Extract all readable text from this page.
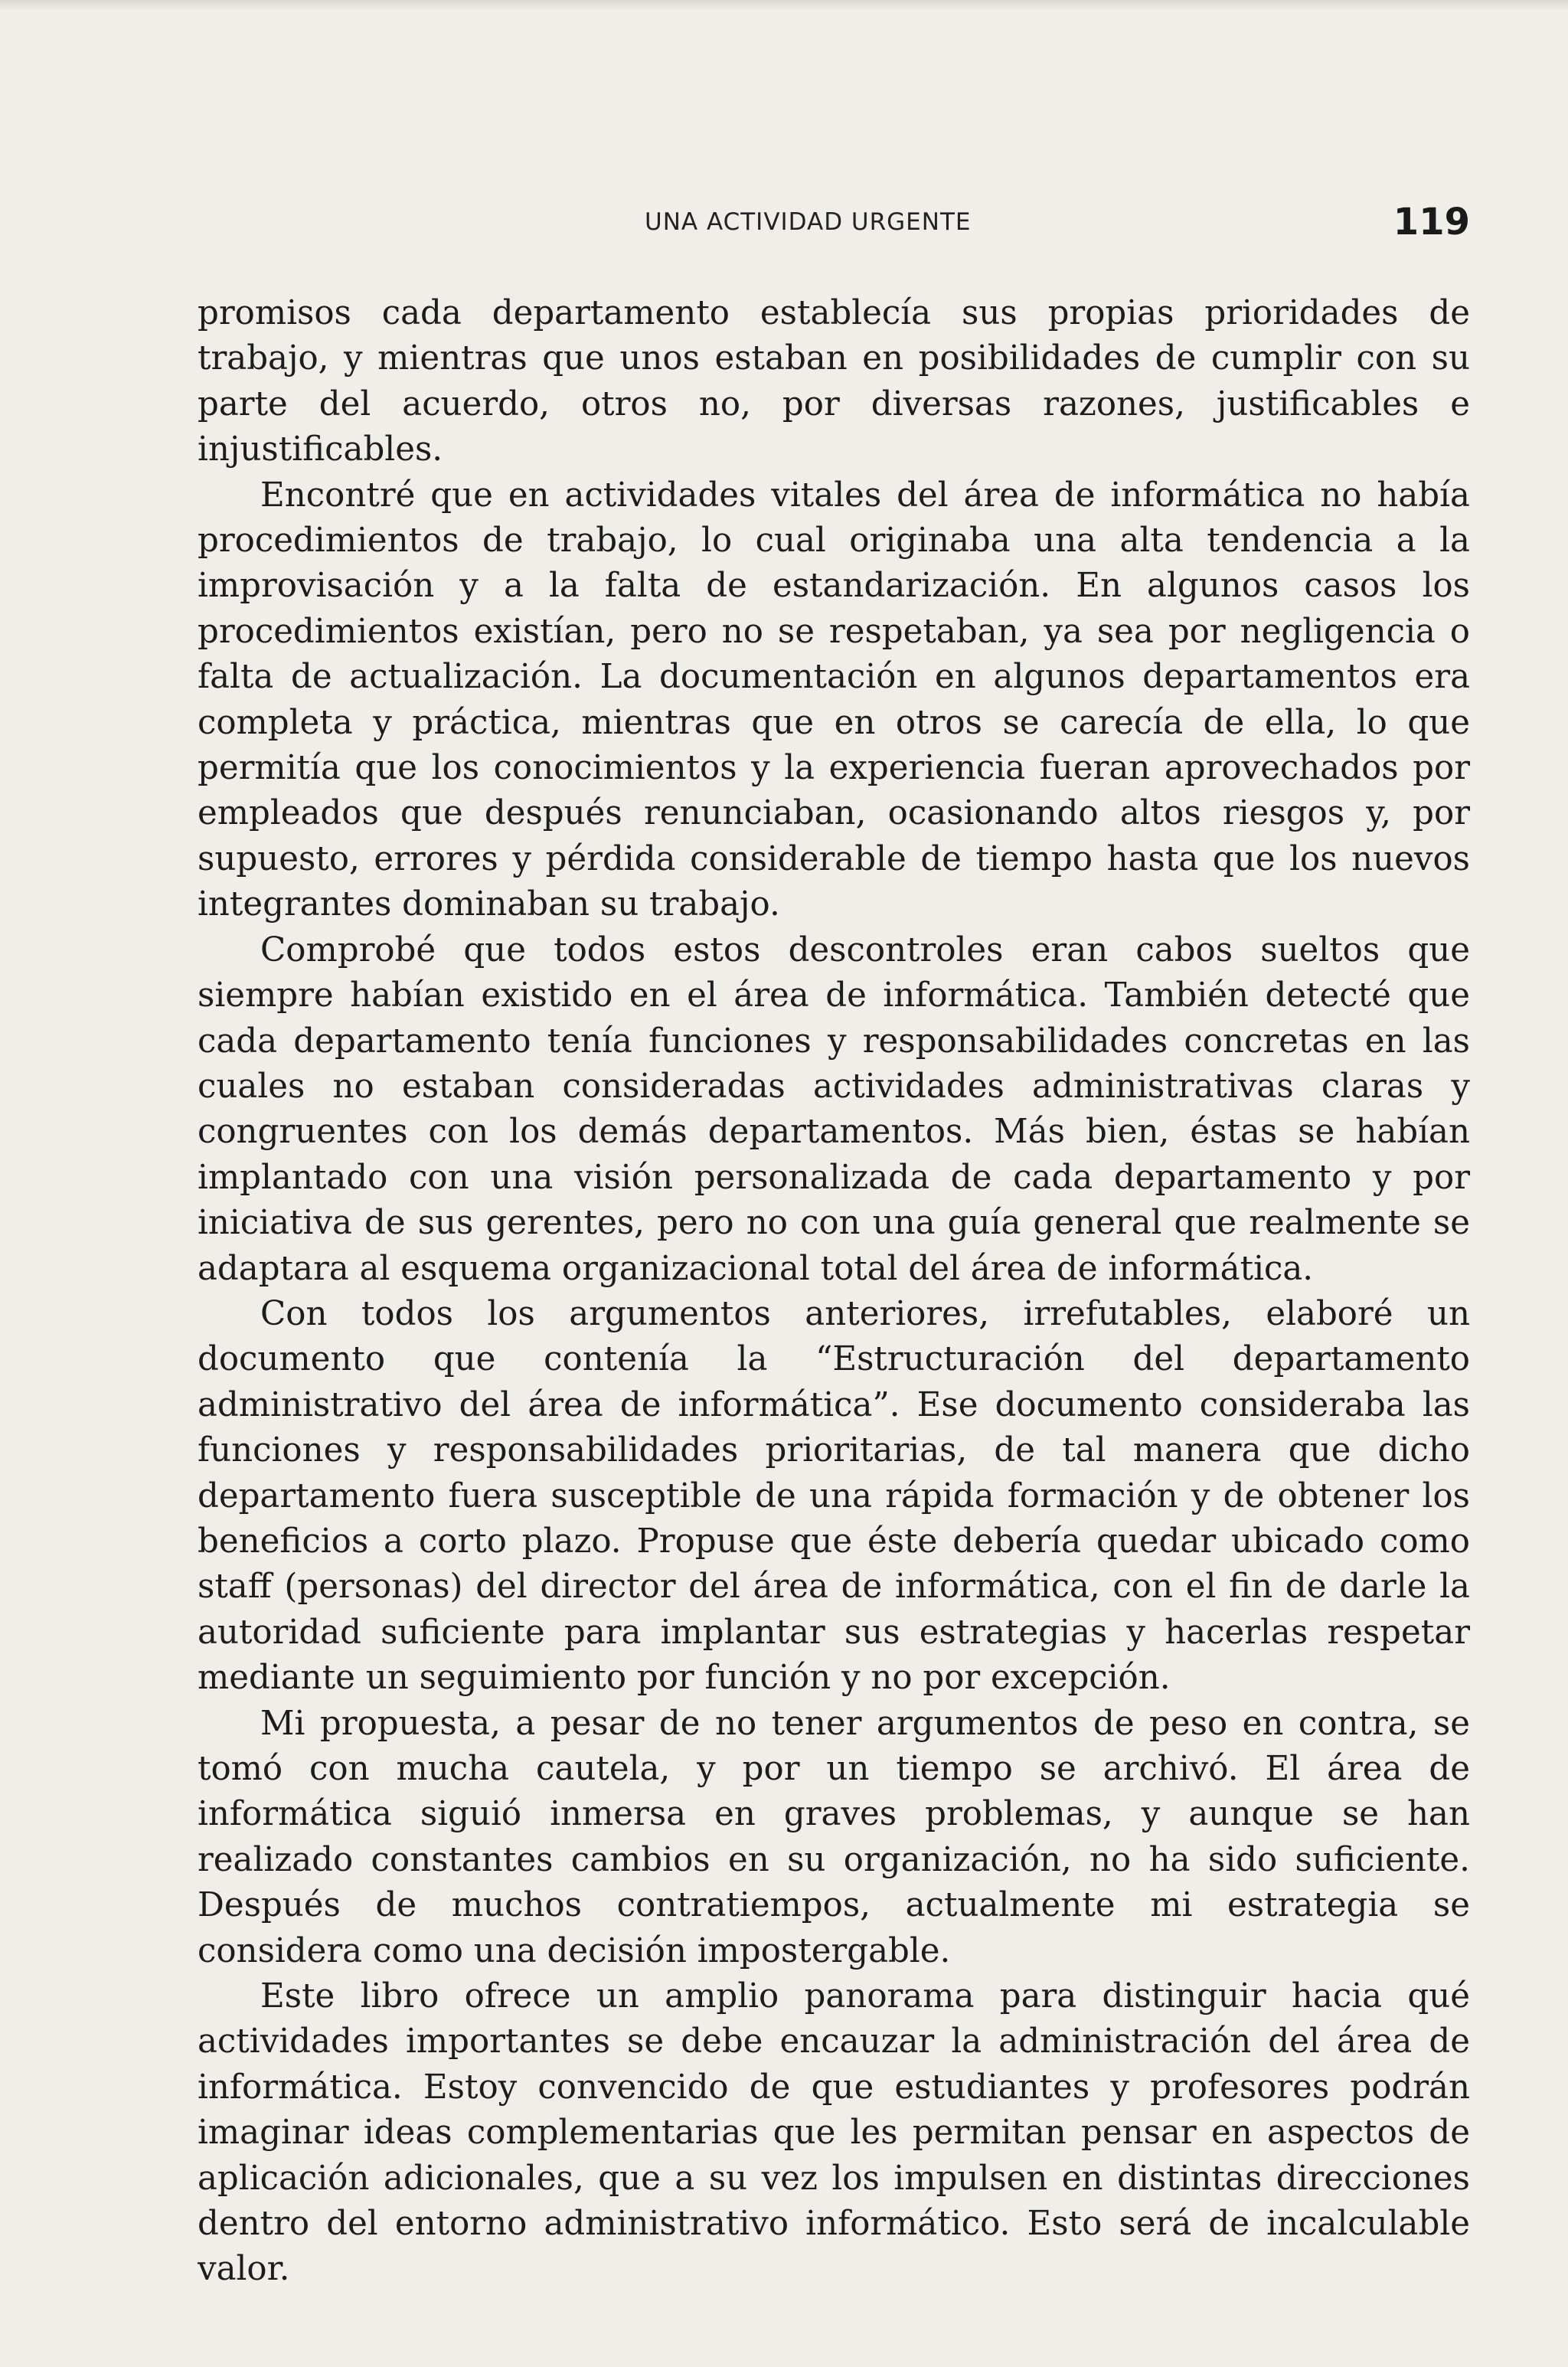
UNA ACTIVIDAD URGENTE	119

promisos cada departamento establecía sus propias prioridades de trabajo, y mientras que unos estaban en posibilidades de cumplir con su parte del acuerdo, otros no, por diversas razones, justificables e injustificables.

Encontré que en actividades vitales del área de informática no había procedimientos de trabajo, lo cual originaba una alta tendencia a la improvisación y a la falta de estandarización. En algunos casos los procedimientos existían, pero no se respetaban, ya sea por negligencia o falta de actualización. La documentación en algunos departamentos era completa y práctica, mientras que en otros se carecía de ella, lo que permitía que los conocimientos y la experiencia fueran aprovechados por empleados que después renunciaban, ocasionando altos riesgos y, por supuesto, errores y pérdida considerable de tiempo hasta que los nuevos integrantes dominaban su trabajo.

Comprobé que todos estos descontroles eran cabos sueltos que siempre habían existido en el área de informática. También detecté que cada departamento tenía funciones y responsabilidades concretas en las cuales no estaban consideradas actividades administrativas claras y congruentes con los demás departamentos. Más bien, éstas se habían implantado con una visión personalizada de cada departamento y por iniciativa de sus gerentes, pero no con una guía general que realmente se adaptara al esquema organizacional total del área de informática.

Con todos los argumentos anteriores, irrefutables, elaboré un documento que contenía la “Estructuración del departamento administrativo del área de informática”. Ese documento consideraba las funciones y responsabilidades prioritarias, de tal manera que dicho departamento fuera susceptible de una rápida formación y de obtener los beneficios a corto plazo. Propuse que éste debería quedar ubicado como staff (personas) del director del área de informática, con el fin de darle la autoridad suficiente para implantar sus estrategias y hacerlas respetar mediante un seguimiento por función y no por excepción.

Mi propuesta, a pesar de no tener argumentos de peso en contra, se tomó con mucha cautela, y por un tiempo se archivó. El área de informática siguió inmersa en graves problemas, y aunque se han realizado constantes cambios en su organización, no ha sido suficiente. Después de muchos contratiempos, actualmente mi estrategia se considera como una decisión impostergable.

Este libro ofrece un amplio panorama para distinguir hacia qué actividades importantes se debe encauzar la administración del área de informática. Estoy convencido de que estudiantes y profesores podrán imaginar ideas complementarias que les permitan pensar en aspectos de aplicación adicionales, que a su vez los impulsen en distintas direcciones dentro del entorno administrativo informático. Esto será de incalculable valor.
